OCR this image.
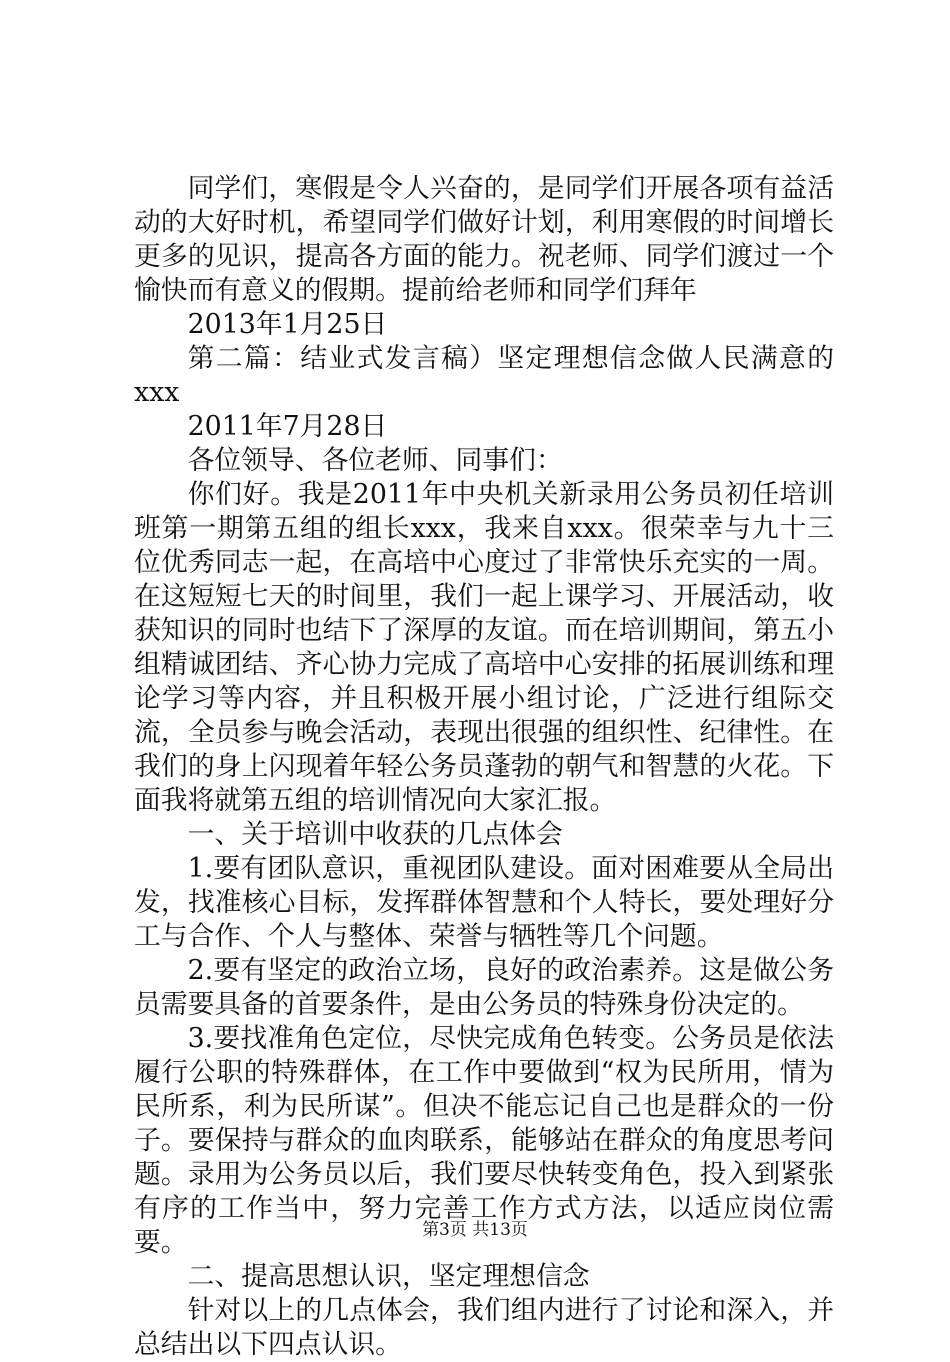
同学们，寒假是令人兴奋的，是同学们开展各项有益活动的大好时机，希望同学们做好计划，利用寒假的时间增长更多的见识，提高各方面的能力。祝老师、同学们渡过一个愉快而有意义的假期。提前给老师和同学们拜年

2013年1月25日

第二篇：结业式发言稿）坚定理想信念做人民满意的xxx

2011年7月28日

各位领导、各位老师、同事们：

你们好。我是2011年中央机关新录用公务员初任培训班第一期第五组的组长xxx，我来自xxx。很荣幸与九十三位优秀同志一起，在高培中心度过了非常快乐充实的一周。在这短短七天的时间里，我们一起上课学习、开展活动，收获知识的同时也结下了深厚的友谊。而在培训期间，第五小组精诚团结、齐心协力完成了高培中心安排的拓展训练和理论学习等内容，并且积极开展小组讨论，广泛进行组际交流，全员参与晚会活动，表现出很强的组织性、纪律性。在我们的身上闪现着年轻公务员蓬勃的朝气和智慧的火花。下面我将就第五组的培训情况向大家汇报。

一、关于培训中收获的几点体会

1.要有团队意识，重视团队建设。面对困难要从全局出发，找准核心目标，发挥群体智慧和个人特长，要处理好分工与合作、个人与整体、荣誉与牺牲等几个问题。

2.要有坚定的政治立场，良好的政治素养。这是做公务员需要具备的首要条件，是由公务员的特殊身份决定的。

3.要找准角色定位，尽快完成角色转变。公务员是依法履行公职的特殊群体，在工作中要做到“权为民所用，情为民所系，利为民所谋”。但决不能忘记自己也是群众的一份子。要保持与群众的血肉联系，能够站在群众的角度思考问题。录用为公务员以后，我们要尽快转变角色，投入到紧张有序的工作当中，努力完善工作方式方法，以适应岗位需要。

二、提高思想认识，坚定理想信念

针对以上的几点体会，我们组内进行了讨论和深入，并总结出以下四点认识。

第3页 共13页
